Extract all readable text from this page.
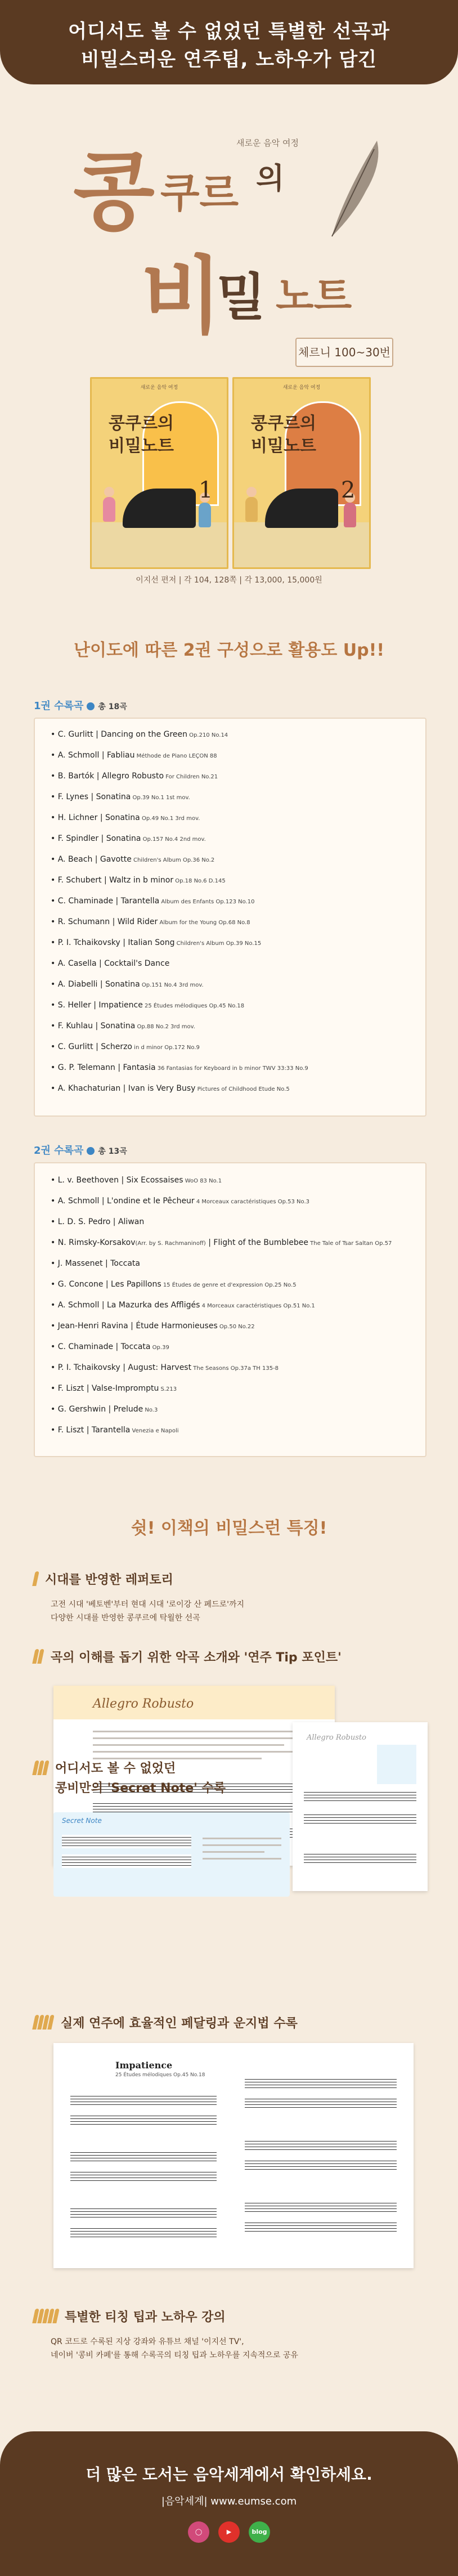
어디서도 볼 수 없었던 특별한 선곡과
비밀스러운 연주팁, 노하우가 담긴
새로운 음악 여정
콩 쿠르 의
비
밀 노트
체르니 100~30번
새로운 음악 여정
콩쿠르의 비밀노트
1
새로운 음악 여정
콩쿠르의 비밀노트
2
이지선 편저 | 각 104, 128쪽 | 각 13,000, 15,000원
난이도에 따른 2권 구성으로 활용도 Up!!
1권 수록곡 총 18곡
• C. Gurlitt | Dancing on the Green Op.210 No.14
• A. Schmoll | Fabliau Méthode de Piano LEÇON 88
• B. Bartók | Allegro Robusto For Children No.21
• F. Lynes | Sonatina Op.39 No.1 1st mov.
• H. Lichner | Sonatina Op.49 No.1 3rd mov.
• F. Spindler | Sonatina Op.157 No.4 2nd mov.
• A. Beach | Gavotte Children's Album Op.36 No.2
• F. Schubert | Waltz in b minor Op.18 No.6 D.145
• C. Chaminade | Tarantella Album des Enfants Op.123 No.10
• R. Schumann | Wild Rider Album for the Young Op.68 No.8
• P. I. Tchaikovsky | Italian Song Children's Album Op.39 No.15
• A. Casella | Cocktail's Dance
• A. Diabelli | Sonatina Op.151 No.4 3rd mov.
• S. Heller | Impatience 25 Études mélodiques Op.45 No.18
• F. Kuhlau | Sonatina Op.88 No.2 3rd mov.
• C. Gurlitt | Scherzo in d minor Op.172 No.9
• G. P. Telemann | Fantasia 36 Fantasias for Keyboard in b minor TWV 33:33 No.9
• A. Khachaturian | Ivan is Very Busy Pictures of Childhood Etude No.5
2권 수록곡 총 13곡
• L. v. Beethoven | Six Ecossaises WoO 83 No.1
• A. Schmoll | L'ondine et le Pêcheur 4 Morceaux caractéristiques Op.53 No.3
• L. D. S. Pedro | Aliwan
• N. Rimsky-Korsakov(Arr. by S. Rachmaninoff) | Flight of the Bumblebee The Tale of Tsar Saltan Op.57
• J. Massenet | Toccata
• G. Concone | Les Papillons 15 Études de genre et d'expression Op.25 No.5
• A. Schmoll | La Mazurka des Affligés 4 Morceaux caractéristiques Op.51 No.1
• Jean-Henri Ravina | Étude Harmonieuses Op.50 No.22
• C. Chaminade | Toccata Op.39
• P. I. Tchaikovsky | August: Harvest The Seasons Op.37a TH 135-8
• F. Liszt | Valse-Impromptu S.213
• G. Gershwin | Prelude No.3
• F. Liszt | Tarantella Venezia e Napoli
쉿! 이책의 비밀스런 특징!
시대를 반영한 레퍼토리
고전 시대 '베토벤'부터 현대 시대 '로이강 산 페드로'까지
다양한 시대를 반영한 콩쿠르에 탁월한 선곡
곡의 이해를 돕기 위한 악곡 소개와 '연주 Tip 포인트'
Allegro Robusto
Allegro Robusto
어디서도 볼 수 없었던
콩비만의 'Secret Note' 수록
Secret Note
실제 연주에 효율적인 페달링과 운지법 수록
Impatience
25 Études mélodiques Op.45 No.18
특별한 티칭 팁과 노하우 강의
QR 코드로 수록된 지상 강좌와 유튜브 채널 '이지선 TV',
네이버 '콩비 카페'를 통해 수록곡의 티칭 팁과 노하우를 지속적으로 공유
더 많은 도서는 음악세계에서 확인하세요.
|음악세계| www.eumse.com
◯	▶	blog
